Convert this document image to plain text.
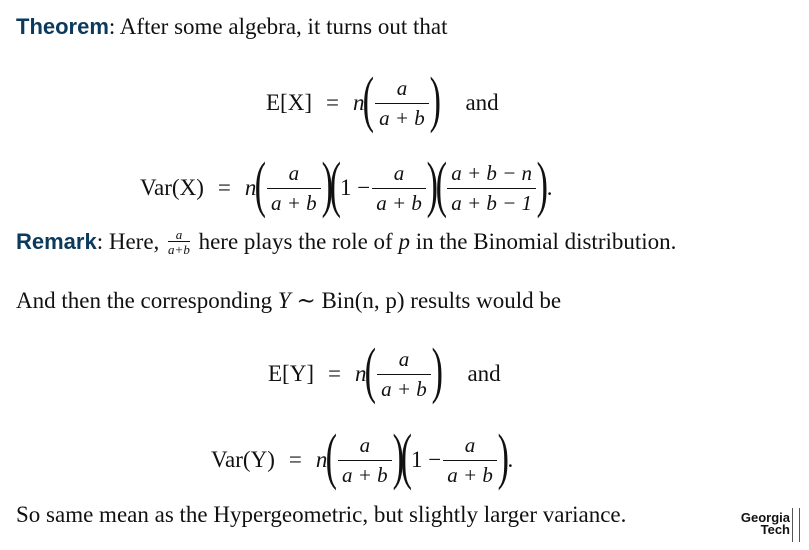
Theorem: After some algebra, it turns out that
E[X] = n
( $\frac{a}{a + b}$ ) and
Var(X) = n
( $\frac{a}{a + b}$ )
(
$1 - \frac{a}{a + b}$ )
( $\frac{a + b - n}{a + b - 1}$ )
.
Remark: Here, $\frac{a}{a+b}$ here plays the role of p in the Binomial distribution.
And then the corresponding Y ∼ Bin(n, p) results would be
E[Y] = n
( $\frac{a}{a + b}$ ) and
Var(Y) = n
( $\frac{a}{a + b}$ )
(
$1 - \frac{a}{a + b}$ )
.
So same mean as the Hypergeometric, but slightly larger variance.	Georgia
Tech
